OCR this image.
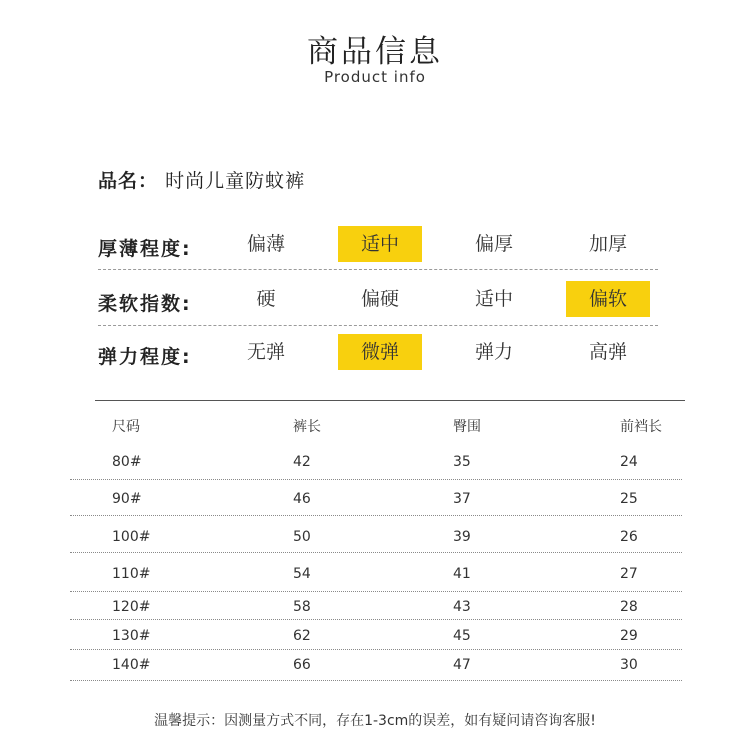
商品信息
Product info
品名： 时尚儿童防蚊裤
厚薄程度:	偏薄	适中	偏厚	加厚
柔软指数:	硬	偏硬	适中	偏软
弹力程度:	无弹	微弹	弹力	高弹
尺码	裤长	臀围	前裆长
80#	42	35	24
90#	46	37	25
100#	50	39	26
110#	54	41	27
120#	58	43	28
130#	62	45	29
140#	66	47	30
温馨提示：因测量方式不同，存在1-3cm的误差，如有疑问请咨询客服!
